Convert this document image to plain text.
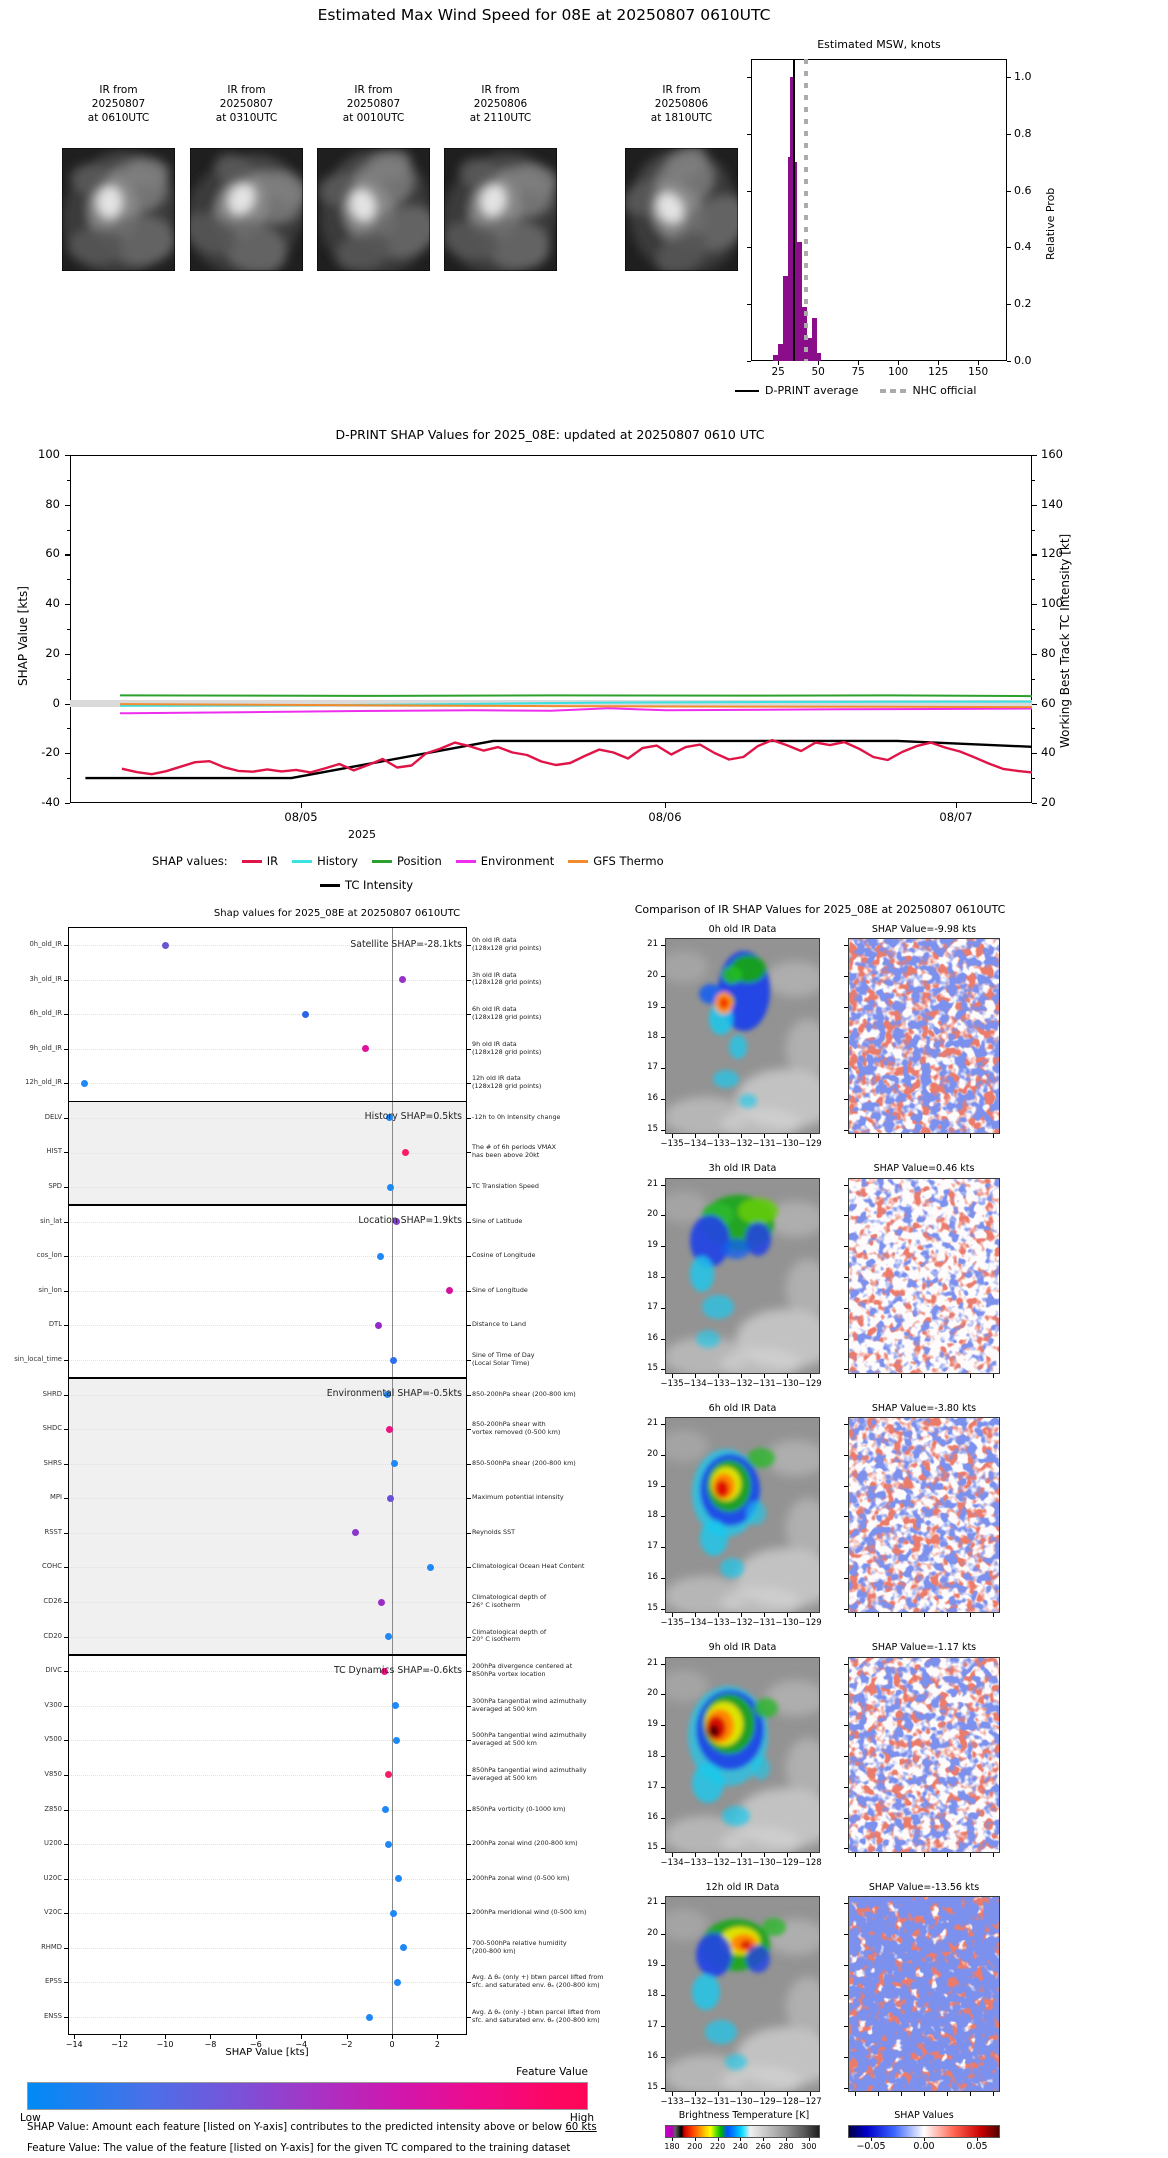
Estimated Max Wind Speed for 08E at 20250807 0610UTC
Estimated MSW, knots
Relative Prob
D-PRINT SHAP Values for 2025_08E: updated at 20250807 0610 UTC
SHAP Value [kts]	Working Best Track TC Intensity [kt]
2025
Shap values for 2025_08E at 20250807 0610UTC
SHAP Value [kts]
Feature Value
Low	High
SHAP Value: Amount each feature [listed on Y-axis] contributes to the predicted intensity above or below 60 kts
Feature Value: The value of the feature [listed on Y-axis] for the given TC compared to the training dataset
Comparison of IR SHAP Values for 2025_08E at 20250807 0610UTC
Brightness Temperature [K]	SHAP Values
IR from
20250807
at 0610UTC
IR from
20250807
at 0310UTC
IR from
20250807
at 0010UTC
IR from
20250806
at 2110UTC
IR from
20250806
at 1810UTC
25	50	75 100 125 150
0.0
0.2
0.4
0.6
0.8
1.0
D-PRINT average	NHC official
100
80
60
40
20
0
-20
-40
160
140
120
100
80
60
40
20
08/05	08/06	08/07
SHAP values:	IR	History	Position	Environment	GFS Thermo
TC Intensity
0h_old_IR	0h old IR data
(128x128 grid points)
3h_old_IR	3h old IR data
(128x128 grid points)
6h_old_IR	6h old IR data
(128x128 grid points)
9h_old_IR	9h old IR data
(128x128 grid points)
12h_old_IR	12h old IR data
(128x128 grid points)
DELV	-12h to 0h Intensity change
HIST	The # of 6h periods VMAX
has been above 20kt
SPD	TC Translation Speed
sin_lat	Sine of Latitude
cos_lon	Cosine of Longitude
sin_lon	Sine of Longitude
DTL	Distance to Land
sin_local_time	Sine of Time of Day
(Local Solar Time)
SHRD	850-200hPa shear (200-800 km)
SHDC	850-200hPa shear with
vortex removed (0-500 km)
SHRS	850-500hPa shear (200-800 km)
MPI	Maximum potential intensity
RSST	Reynolds SST
COHC	Climatological Ocean Heat Content
CD26	Climatological depth of
26° C isotherm
CD20	Climatological depth of
20° C isotherm
DIVC	200hPa divergence centered at
850hPa vortex location
V300	300hPa tangential wind azimuthally
averaged at 500 km
V500	500hPa tangential wind azimuthally
averaged at 500 km
V850	850hPa tangential wind azimuthally
averaged at 500 km
Z850	850hPa vorticity (0-1000 km)
U200	200hPa zonal wind (200-800 km)
U20C	200hPa zonal wind (0-500 km)
V20C	200hPa meridional wind (0-500 km)
RHMD	700-500hPa relative humidity
(200-800 km)
EPSS	Avg. Δ θₑ (only +) btwn parcel lifted from
sfc. and saturated env. θₑ (200-800 km)
ENSS	Avg. Δ θₑ (only -) btwn parcel lifted from
sfc. and saturated env. θₑ (200-800 km)
Satellite SHAP=-28.1kts
History SHAP=0.5kts
Location SHAP=1.9kts
Environmental SHAP=-0.5kts
TC Dynamics SHAP=-0.6kts
−14	−12	−10	−8	−6	−4	−2	0	2
0h old IR Data	SHAP Value=-9.98 kts
21
20
19
18
17
16
15
−135 −134 −133 −132 −131 −130 −129
3h old IR Data	SHAP Value=0.46 kts
21
20
19
18
17
16
15
−135 −134 −133 −132 −131 −130 −129
6h old IR Data	SHAP Value=-3.80 kts
21
20
19
18
17
16
15
−135 −134 −133 −132 −131 −130 −129
9h old IR Data	SHAP Value=-1.17 kts
21
20
19
18
17
16
15
−134 −133 −132 −131 −130 −129 −128
12h old IR Data	SHAP Value=-13.56 kts
21
20
19
18
17
16
15
−133 −132 −131 −130 −129 −128 −127
180 200 220 240 260 280 300	−0.05	0.00	0.05
